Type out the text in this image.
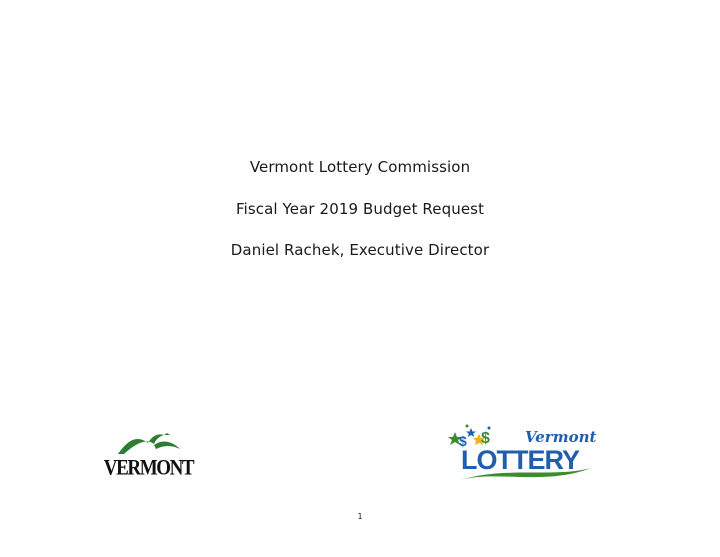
Vermont Lottery Commission
Fiscal Year 2019 Budget Request
Daniel Rachek, Executive Director
VERMONT
$ $ Vermont
LOTTERY
1
